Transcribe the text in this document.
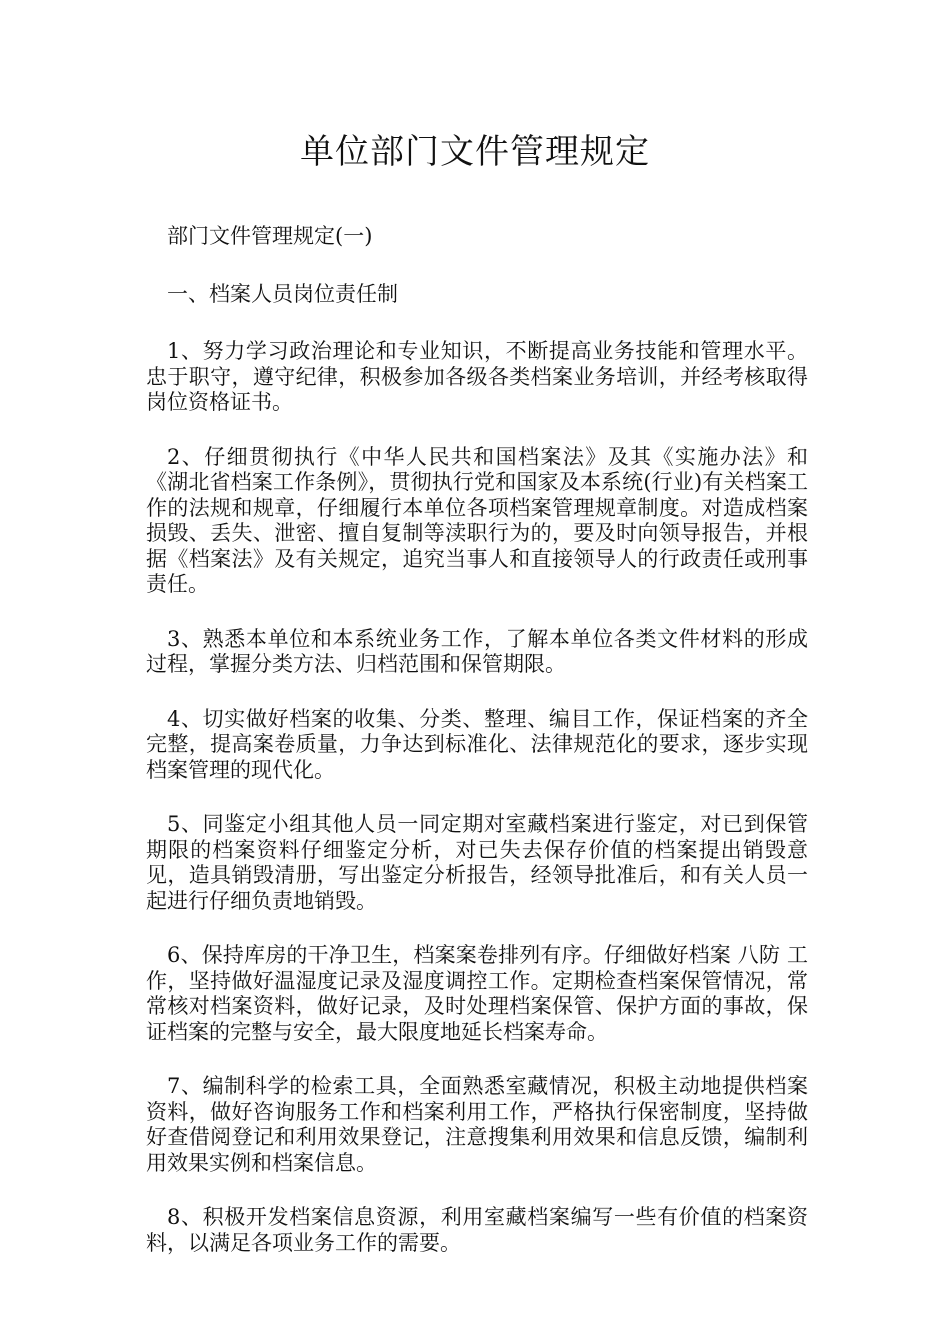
单位部门文件管理规定

部门文件管理规定(一)

一、档案人员岗位责任制

1、努力学习政治理论和专业知识，不断提高业务技能和管理水平。忠于职守，遵守纪律，积极参加各级各类档案业务培训，并经考核取得岗位资格证书。

2、仔细贯彻执行《中华人民共和国档案法》及其《实施办法》和《湖北省档案工作条例》，贯彻执行党和国家及本系统(行业)有关档案工作的法规和规章，仔细履行本单位各项档案管理规章制度。对造成档案损毁、丢失、泄密、擅自复制等渎职行为的，要及时向领导报告，并根据《档案法》及有关规定，追究当事人和直接领导人的行政责任或刑事责任。

3、熟悉本单位和本系统业务工作，了解本单位各类文件材料的形成过程，掌握分类方法、归档范围和保管期限。

4、切实做好档案的收集、分类、整理、编目工作，保证档案的齐全完整，提高案卷质量，力争达到标准化、法律规范化的要求，逐步实现档案管理的现代化。

5、同鉴定小组其他人员一同定期对室藏档案进行鉴定，对已到保管期限的档案资料仔细鉴定分析，对已失去保存价值的档案提出销毁意见，造具销毁清册，写出鉴定分析报告，经领导批准后，和有关人员一起进行仔细负责地销毁。

6、保持库房的干净卫生，档案案卷排列有序。仔细做好档案 八防 工作，坚持做好温湿度记录及湿度调控工作。定期检查档案保管情况，常常核对档案资料，做好记录，及时处理档案保管、保护方面的事故，保证档案的完整与安全，最大限度地延长档案寿命。

7、编制科学的检索工具，全面熟悉室藏情况，积极主动地提供档案资料，做好咨询服务工作和档案利用工作，严格执行保密制度，坚持做好查借阅登记和利用效果登记，注意搜集利用效果和信息反馈，编制利用效果实例和档案信息。

8、积极开发档案信息资源，利用室藏档案编写一些有价值的档案资料，以满足各项业务工作的需要。
